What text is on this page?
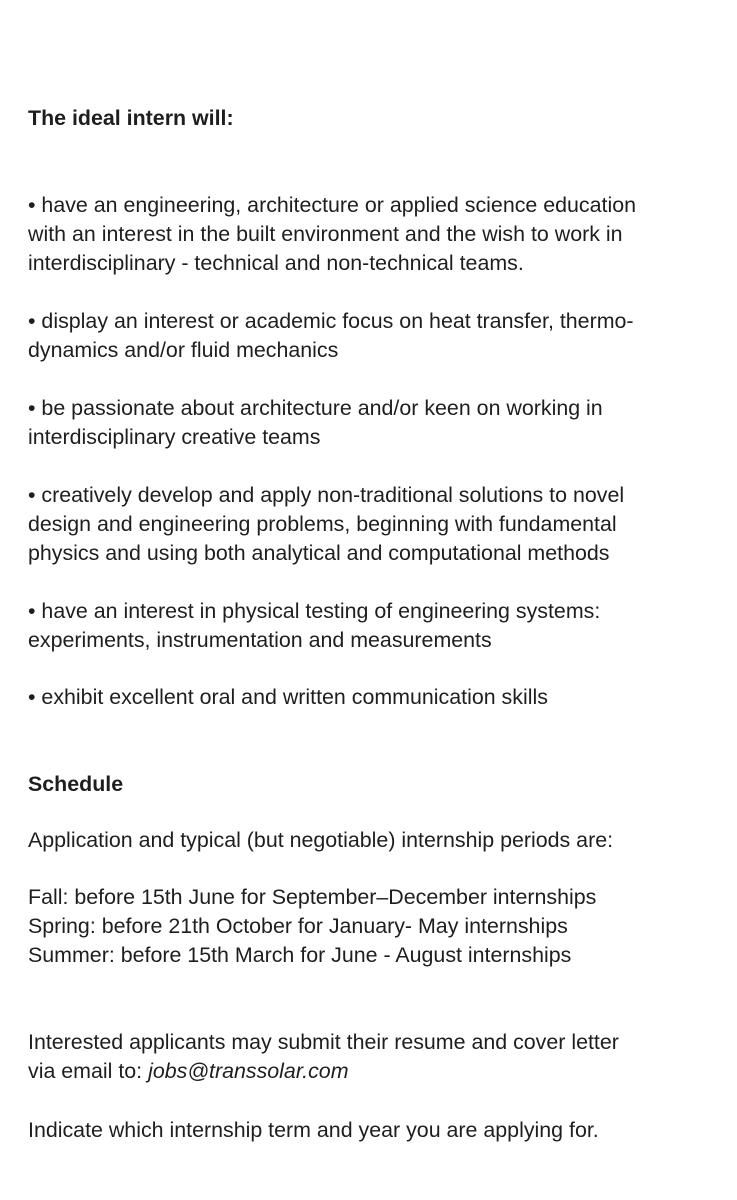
The ideal intern will:

• have an engineering, architecture or applied science education
with an interest in the built environment and the wish to work in
interdisciplinary - technical and non-technical teams.

• display an interest or academic focus on heat transfer, thermo-
dynamics and/or fluid mechanics

• be passionate about architecture and/or keen on working in
interdisciplinary creative teams

• creatively develop and apply non-traditional solutions to novel
design and engineering problems, beginning with fundamental
physics and using both analytical and computational methods

• have an interest in physical testing of engineering systems:
experiments, instrumentation and measurements

• exhibit excellent oral and written communication skills

Schedule

Application and typical (but negotiable) internship periods are:

Fall: before 15th June for September–December internships
Spring: before 21th October for January- May internships
Summer: before 15th March for June - August internships

Interested applicants may submit their resume and cover letter
via email to: jobs@transsolar.com

Indicate which internship term and year you are applying for.
